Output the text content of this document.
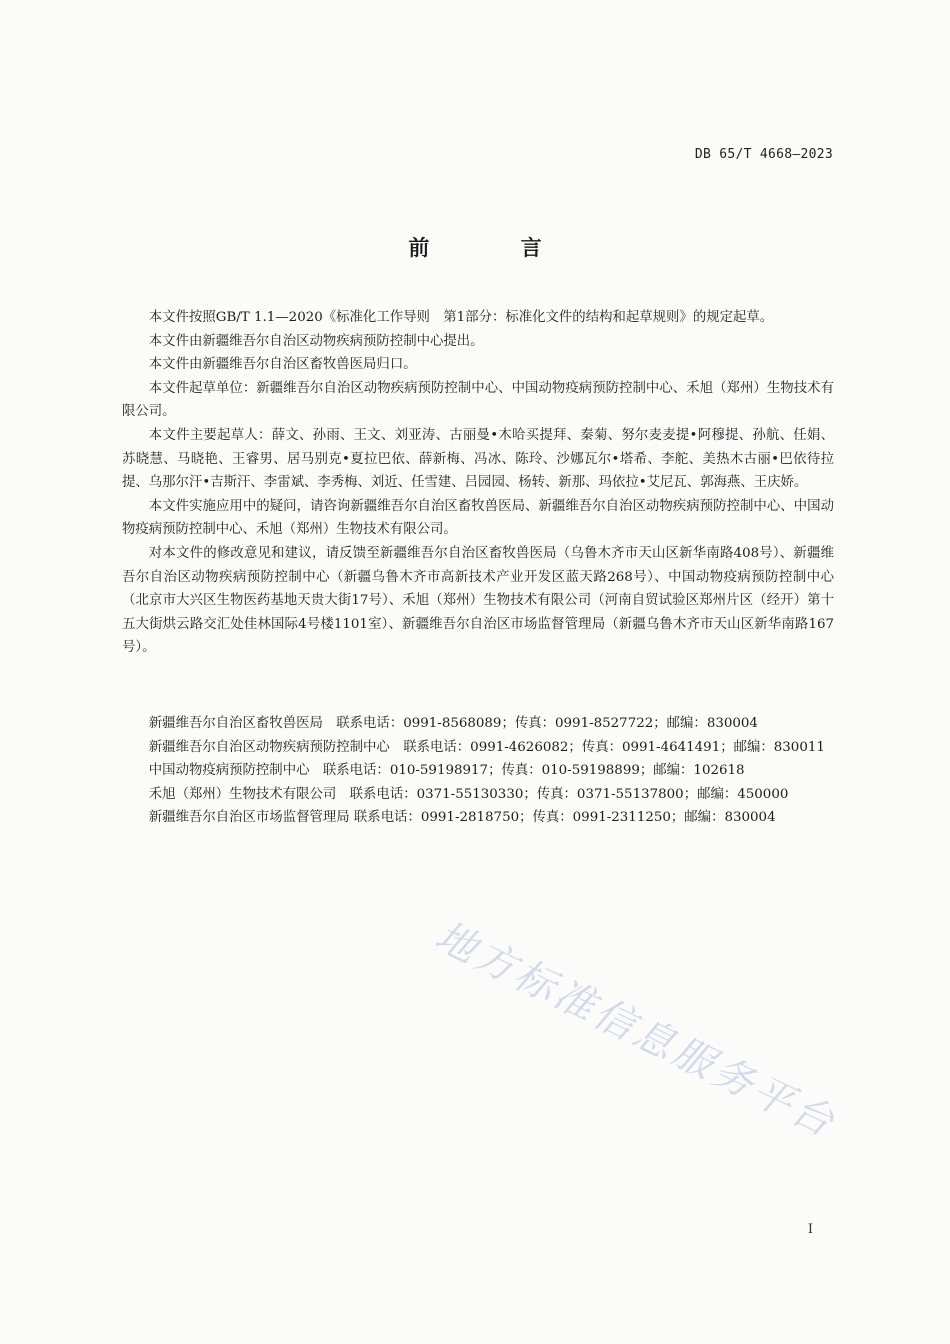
DB 65/T 4668—2023
前 言

本文件按照GB/T 1.1—2020《标准化工作导则　第1部分：标准化文件的结构和起草规则》的规定起草。

本文件由新疆维吾尔自治区动物疾病预防控制中心提出。

本文件由新疆维吾尔自治区畜牧兽医局归口。

本文件起草单位：新疆维吾尔自治区动物疾病预防控制中心、中国动物疫病预防控制中心、禾旭（郑州）生物技术有限公司。

本文件主要起草人：薛文、孙雨、王文、刘亚涛、古丽曼•木哈买提拜、秦菊、努尔麦麦提•阿穆提、孙航、任娟、苏晓慧、马晓艳、王睿男、居马别克•夏拉巴依、薛新梅、冯冰、陈玲、沙娜瓦尔•塔希、李舵、美热木古丽•巴依待拉提、乌那尔汗•吉斯汗、李雷斌、李秀梅、刘近、任雪建、吕园园、杨转、新那、玛依拉•艾尼瓦、郭海燕、王庆娇。

本文件实施应用中的疑问，请咨询新疆维吾尔自治区畜牧兽医局、新疆维吾尔自治区动物疾病预防控制中心、中国动物疫病预防控制中心、禾旭（郑州）生物技术有限公司。

对本文件的修改意见和建议，请反馈至新疆维吾尔自治区畜牧兽医局（乌鲁木齐市天山区新华南路408号）、新疆维吾尔自治区动物疾病预防控制中心（新疆乌鲁木齐市高新技术产业开发区蓝天路268号）、中国动物疫病预防控制中心（北京市大兴区生物医药基地天贵大街17号）、禾旭（郑州）生物技术有限公司（河南自贸试验区郑州片区（经开）第十五大街烘云路交汇处佳林国际4号楼1101室）、新疆维吾尔自治区市场监督管理局（新疆乌鲁木齐市天山区新华南路167号）。

新疆维吾尔自治区畜牧兽医局　联系电话：0991-8568089；传真：0991-8527722；邮编：830004

新疆维吾尔自治区动物疾病预防控制中心　联系电话：0991-4626082；传真：0991-4641491；邮编：830011

中国动物疫病预防控制中心　联系电话：010-59198917；传真：010-59198899；邮编：102618

禾旭（郑州）生物技术有限公司　联系电话：0371-55130330；传真：0371-55137800；邮编：450000

新疆维吾尔自治区市场监督管理局 联系电话：0991-2818750；传真：0991-2311250；邮编：830004

地方标准信息服务平台
I
